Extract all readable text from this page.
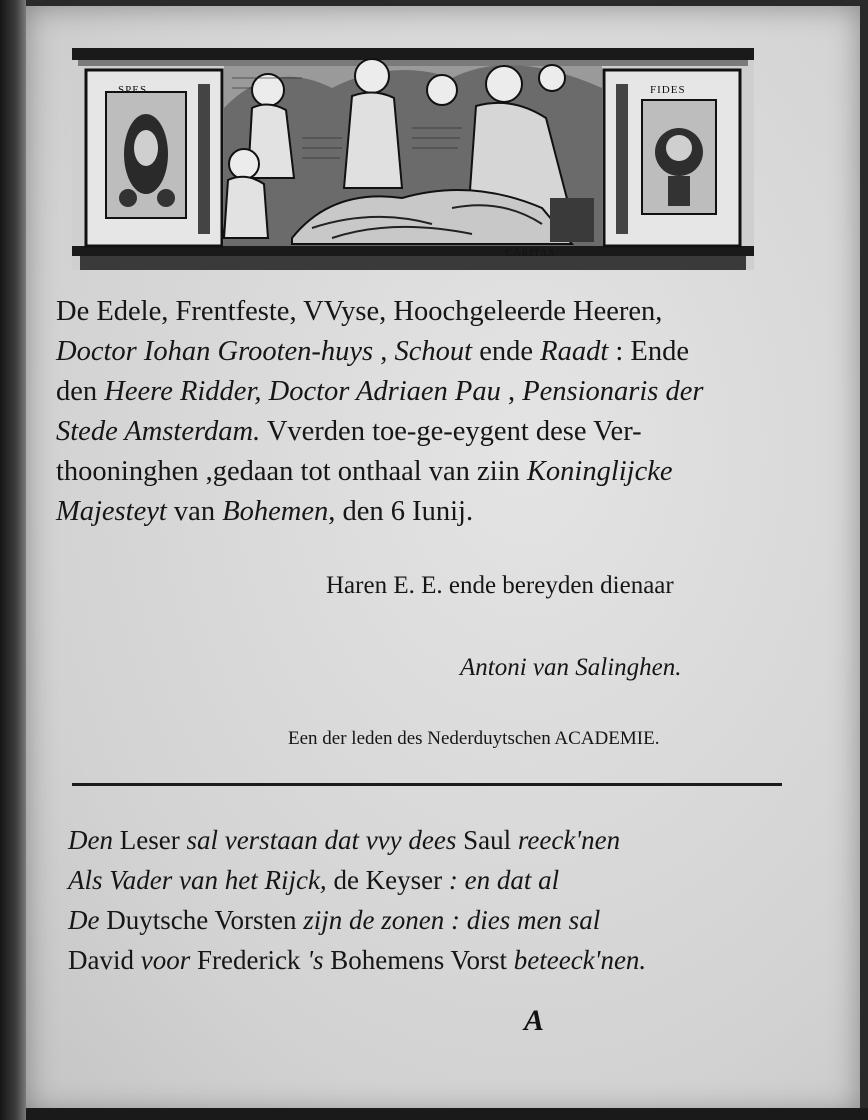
SPES	FIDES
CARITAS
De Edele, Frentfeste, VVyse, Hoochgeleerde Heeren,
Doctor Iohan Grooten-huys , Schout ende Raadt : Ende
den Heere Ridder, Doctor Adriaen Pau , Pensionaris der
Stede Amsterdam. Vverden toe-ge-eygent dese Ver-
thooninghen ,gedaan tot onthaal van ziin Koninglijcke
Majesteyt van Bohemen, den 6 Iunij.
Haren E. E. ende bereyden dienaar
Antoni van Salinghen.
Een der leden des Nederduytschen ACADEMIE.
Den Leser sal verstaan dat vvy dees Saul reeck'nen
Als Vader van het Rijck, de Keyser : en dat al
De Duytsche Vorsten zijn de zonen : dies men sal
David voor Frederick 's Bohemens Vorst beteeck'nen.
A
